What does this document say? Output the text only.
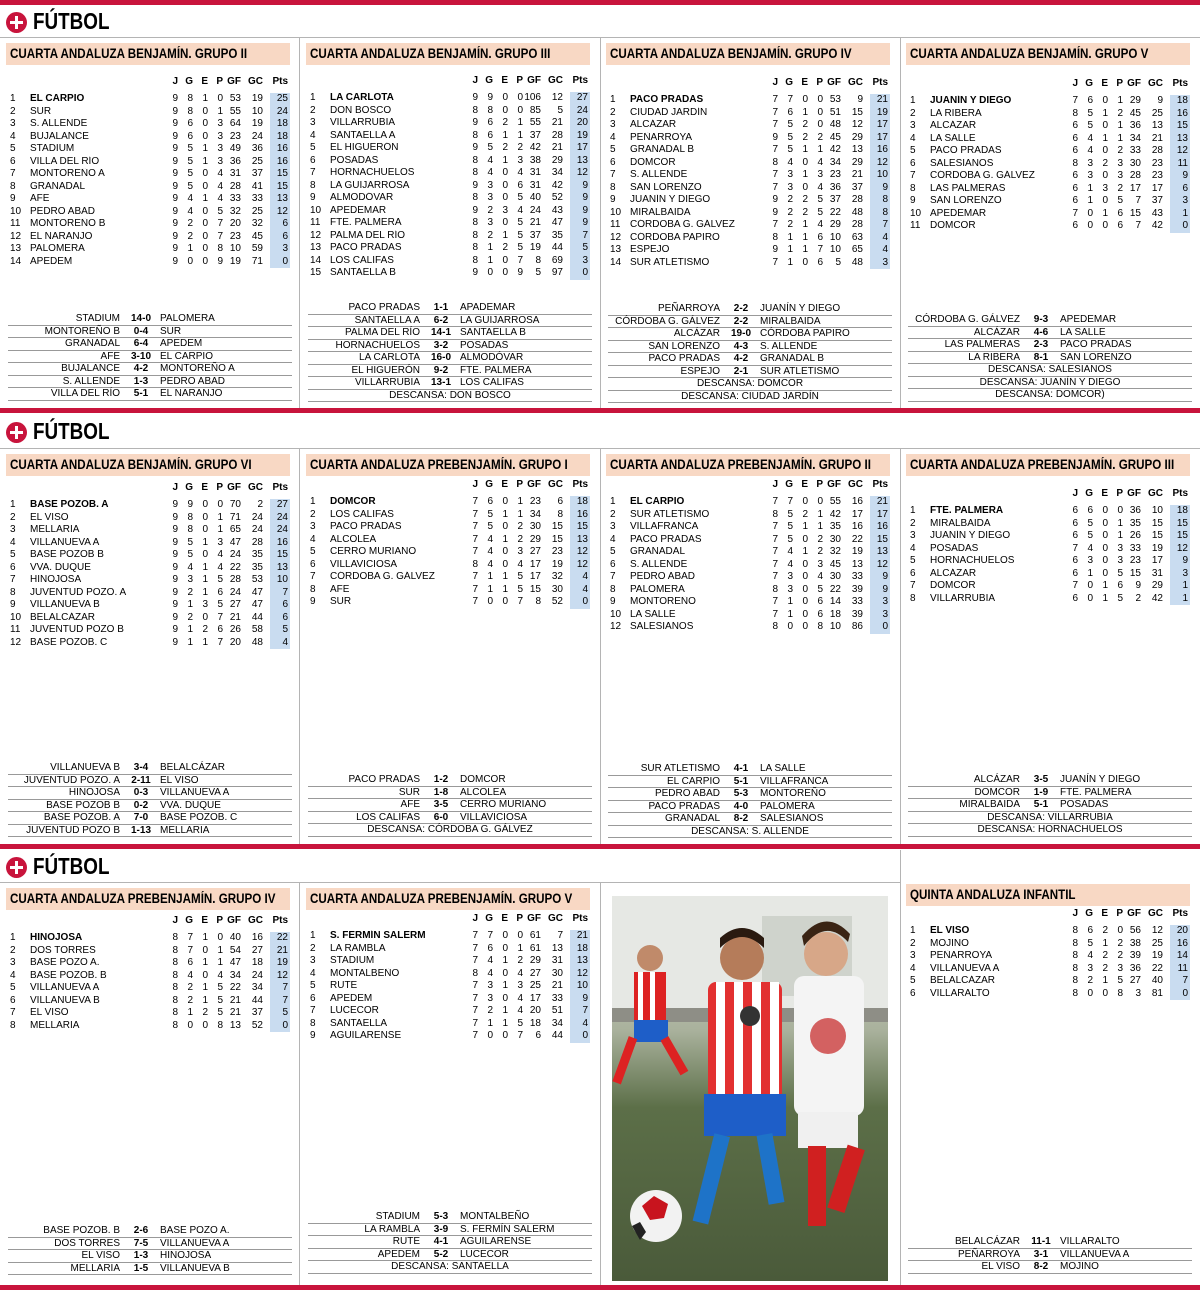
FÚTBOL
FÚTBOL
FÚTBOL
CUARTA ANDALUZA BENJAMÍN. GRUPO II
J G E P GF GC Pts
1	EL CARPIO	9 8 1 0 53	19	25
2	SUR	9 8 0 1 55	10	24
3	S. ALLENDE	9 6 0 3 64	19	18
4	BUJALANCE	9 6 0 3 23	24	18
5	STADIUM	9 5 1 3 49	36	16
6	VILLA DEL RÍO	9 5 1 3 36	25	16
7	MONTOREÑO A	9 5 0 4 31	37	15
8	GRANADAL	9 5 0 4 28	41	15
9	AFE	9 4 1 4 33	33	13
10 PEDRO ABAD	9 4 0 5 32	25	12
11 MONTOREÑO B	9 2 0 7 20	32	6
12 EL NARANJO	9 2 0 7 23	45	6
13 PALOMERA	9 1 0 8 10	59	3
14 APEDEM	9 0 0 9 19	71	0
STADIUM	14-0 PALOMERA
MONTOREÑO B	0-4	SUR
GRANADAL	6-4	APEDEM
AFE	3-10 EL CARPIO
BUJALANCE	4-2	MONTOREÑO A
S. ALLENDE	1-3	PEDRO ABAD
VILLA DEL RÍO	5-1	EL NARANJO
CUARTA ANDALUZA BENJAMÍN. GRUPO III
J G E P GF GC Pts
1	LA CARLOTA	9 9 0 0 106	12	27
2	DON BOSCO	8 8 0 0 85	5	24
3	VILLARRUBIA	9 6 2 1 55	21	20
4	SANTAELLA A	8 6 1 1 37	28	19
5	EL HIGUERÓN	9 5 2 2 42	21	17
6	POSADAS	8 4 1 3 38	29	13
7	HORNACHUELOS	8 4 0 4 31	34	12
8	LA GUIJARROSA	9 3 0 6 31	42	9
9	ALMODÓVAR	8 3 0 5 40	52	9
10 APEDEMAR	9 2 3 4 24	43	9
11 FTE. PALMERA	8 3 0 5 21	47	9
12 PALMA DEL RÍO	8 2 1 5 37	35	7
13 PACO PRADAS	8 1 2 5 19	44	5
14 LOS CALIFAS	8 1 0 7	8	69	3
15 SANTAELLA B	9 0 0 9	5	97	0
PACO PRADAS	1-1	APADEMAR
SANTAELLA A	6-2	LA GUIJARROSA
PALMA DEL RÍO	14-1 SANTAELLA B
HORNACHUELOS	3-2	POSADAS
LA CARLOTA	16-0 ALMODÓVAR
EL HIGUERÓN	9-2	FTE. PALMERA
VILLARRUBIA	13-1 LOS CALIFAS
DESCANSA: DON BOSCO
CUARTA ANDALUZA BENJAMÍN. GRUPO IV
J G E P GF GC Pts
1	PACO PRADAS	7 7 0 0 53	9	21
2	CIUDAD JARDÍN	7 6 1 0 51	15	19
3	ALCÁZAR	7 5 2 0 48	12	17
4	PEÑARROYA	9 5 2 2 45	29	17
5	GRANADAL B	7 5 1 1 42	13	16
6	DOMCOR	8 4 0 4 34	29	12
7	S. ALLENDE	7 3 1 3 23	21	10
8	SAN LORENZO	7 3 0 4 36	37	9
9	JUANÍN Y DIEGO	9 2 2 5 37	28	8
10 MIRALBAIDA	9 2 2 5 22	48	8
11 CÓRDOBA G. GÁLVEZ	7 2 1 4 29	28	7
12 CÓRDOBA PAPIRO	8 1 1 6 10	63	4
13 ESPEJO	9 1 1 7 10	65	4
14 SUR ATLETISMO	7 1 0 6	5	48	3
PEÑARROYA	2-2	JUANÍN Y DIEGO
CÓRDOBA G. GÁLVEZ	2-2	MIRALBAIDA
ALCÁZAR	19-0 CÓRDOBA PAPIRO
SAN LORENZO	4-3	S. ALLENDE
PACO PRADAS	4-2	GRANADAL B
ESPEJO	2-1	SUR ATLETISMO
DESCANSA: DOMCOR
DESCANSA: CIUDAD JARDÍN
CUARTA ANDALUZA BENJAMÍN. GRUPO V
J G E P GF GC Pts
1	JUANÍN Y DIEGO	7 6 0 1 29	9	18
2	LA RIBERA	8 5 1 2 45	25	16
3	ALCÁZAR	6 5 0 1 36	13	15
4	LA SALLE	6 4 1 1 34	21	13
5	PACO PRADAS	6 4 0 2 33	28	12
6	SALESIANOS	8 3 2 3 30	23	11
7	CÓRDOBA G. GÁLVEZ	6 3 0 3 28	23	9
8	LAS PALMERAS	6 1 3 2 17	17	6
9	SAN LORENZO	6 1 0 5	7	37	3
10 APEDEMAR	7 0 1 6 15	43	1
11 DOMCOR	6 0 0 6	7	42	0
CÓRDOBA G. GÁLVEZ	9-3	APEDEMAR
ALCÁZAR	4-6	LA SALLE
LAS PALMERAS	2-3	PACO PRADAS
LA RIBERA	8-1	SAN LORENZO
DESCANSA: SALESIANOS
DESCANSA: JUANÍN Y DIEGO
DESCANSA: DOMCOR)
CUARTA ANDALUZA BENJAMÍN. GRUPO VI
J G E P GF GC Pts
1	BASE POZOB. A	9 9 0 0 70	2	27
2	EL VISO	9 8 0 1 71	24	24
3	MELLARIA	9 8 0 1 65	24	24
4	VILLANUEVA A	9 5 1 3 47	28	16
5	BASE POZOB B	9 5 0 4 24	35	15
6	VVA. DUQUE	9 4 1 4 22	35	13
7	HINOJOSA	9 3 1 5 28	53	10
8	JUVENTUD POZO. A	9 2 1 6 24	47	7
9	VILLANUEVA B	9 1 3 5 27	47	6
10 BELALCÁZAR	9 2 0 7 21	44	6
11 JUVENTUD POZO B	9 1 2 6 26	58	5
12 BASE POZOB. C	9 1 1 7 20	48	4
VILLANUEVA B	3-4	BELALCÁZAR
JUVENTUD POZO. A	2-11 EL VISO
HINOJOSA	0-3	VILLANUEVA A
BASE POZOB B	0-2	VVA. DUQUE
BASE POZOB. A	7-0	BASE POZOB. C
JUVENTUD POZO B	1-13 MELLARIA
CUARTA ANDALUZA PREBENJAMÍN. GRUPO I
J G E P GF GC Pts
1	DOMCOR	7 6 0 1 23	6	18
2	LOS CALIFAS	7 5 1 1 34	8	16
3	PACO PRADAS	7 5 0 2 30	15	15
4	ALCOLEA	7 4 1 2 29	15	13
5	CERRO MURIANO	7 4 0 3 27	23	12
6	VILLAVICIOSA	8 4 0 4 17	19	12
7	CÓRDOBA G. GÁLVEZ	7 1 1 5 17	32	4
8	AFE	7 1 1 5 15	30	4
9	SUR	7 0 0 7	8	52	0
PACO PRADAS	1-2	DOMCOR
SUR	1-8	ALCOLEA
AFE	3-5	CERRO MURIANO
LOS CALIFAS	6-0	VILLAVICIOSA
DESCANSA: CÓRDOBA G. GÁLVEZ
CUARTA ANDALUZA PREBENJAMÍN. GRUPO II
J G E P GF GC Pts
1	EL CARPIO	7 7 0 0 55	16	21
2	SUR ATLETISMO	8 5 2 1 42	17	17
3	VILLAFRANCA	7 5 1 1 35	16	16
4	PACO PRADAS	7 5 0 2 30	22	15
5	GRANADAL	7 4 1 2 32	19	13
6	S. ALLENDE	7 4 0 3 45	13	12
7	PEDRO ABAD	7 3 0 4 30	33	9
8	PALOMERA	8 3 0 5 22	39	9
9	MONTOREÑO	7 1 0 6 14	33	3
10 LA SALLE	7 1 0 6 18	39	3
12 SALESIANOS	8 0 0 8 10	86	0
SUR ATLETISMO	4-1	LA SALLE
EL CARPIO	5-1	VILLAFRANCA
PEDRO ABAD	5-3	MONTOREÑO
PACO PRADAS	4-0	PALOMERA
GRANADAL	8-2	SALESIANOS
DESCANSA: S. ALLENDE
CUARTA ANDALUZA PREBENJAMÍN. GRUPO III
J G E P GF GC Pts
1	FTE. PALMERA	6 6 0 0 36	10	18
2	MIRALBAIDA	6 5 0 1 35	15	15
3	JUANÍN Y DIEGO	6 5 0 1 26	15	15
4	POSADAS	7 4 0 3 33	19	12
5	HORNACHUELOS	6 3 0 3 23	17	9
6	ALCÁZAR	6 1 0 5 15	31	3
7	DOMCOR	7 0 1 6	9	29	1
8	VILLARRUBIA	6 0 1 5	2	42	1
ALCÁZAR	3-5	JUANÍN Y DIEGO
DOMCOR	1-9	FTE. PALMERA
MIRALBAIDA	5-1	POSADAS
DESCANSA: VILLARRUBIA
DESCANSA: HORNACHUELOS
CUARTA ANDALUZA PREBENJAMÍN. GRUPO IV
J G E P GF GC Pts
1	HINOJOSA	8 7 1 0 40	16	22
2	DOS TORRES	8 7 0 1 54	27	21
3	BASE POZO A.	8 6 1 1 47	18	19
4	BASE POZOB. B	8 4 0 4 34	24	12
5	VILLANUEVA A	8 2 1 5 22	34	7
6	VILLANUEVA B	8 2 1 5 21	44	7
7	EL VISO	8 1 2 5 21	37	5
8	MELLARIA	8 0 0 8 13	52	0
BASE POZOB. B	2-6	BASE POZO A.
DOS TORRES	7-5	VILLANUEVA A
EL VISO	1-3	HINOJOSA
MELLARIA	1-5	VILLANUEVA B
CUARTA ANDALUZA PREBENJAMÍN. GRUPO V
J G E P GF GC Pts
1	S. FERMÍN SALERM	7 7 0 0 61	7	21
2	LA RAMBLA	7 6 0 1 61	13	18
3	STADIUM	7 4 1 2 29	31	13
4	MONTALBEÑO	8 4 0 4 27	30	12
5	RUTE	7 3 1 3 25	21	10
6	APEDEM	7 3 0 4 17	33	9
7	LUCECOR	7 2 1 4 20	51	7
8	SANTAELLA	7 1 1 5 18	34	4
9	AGUILARENSE	7 0 0 7	6	44	0
STADIUM	5-3	MONTALBEÑO
LA RAMBLA	3-9	S. FERMÍN SALERM
RUTE	4-1	AGUILARENSE
APEDEM	5-2	LUCECOR
DESCANSA: SANTAELLA
QUINTA ANDALUZA INFANTIL
J G E P GF GC Pts
1	EL VISO	8 6 2 0 56	12	20
2	MOJINO	8 5 1 2 38	25	16
3	PEÑARROYA	8 4 2 2 39	19	14
4	VILLANUEVA A	8 3 2 3 36	22	11
5	BELALCÁZAR	8 2 1 5 27	40	7
6	VILLARALTO	8 0 0 8	3	81	0
BELALCÁZAR	11-1 VILLARALTO
PEÑARROYA	3-1	VILLANUEVA A
EL VISO	8-2	MOJINO
